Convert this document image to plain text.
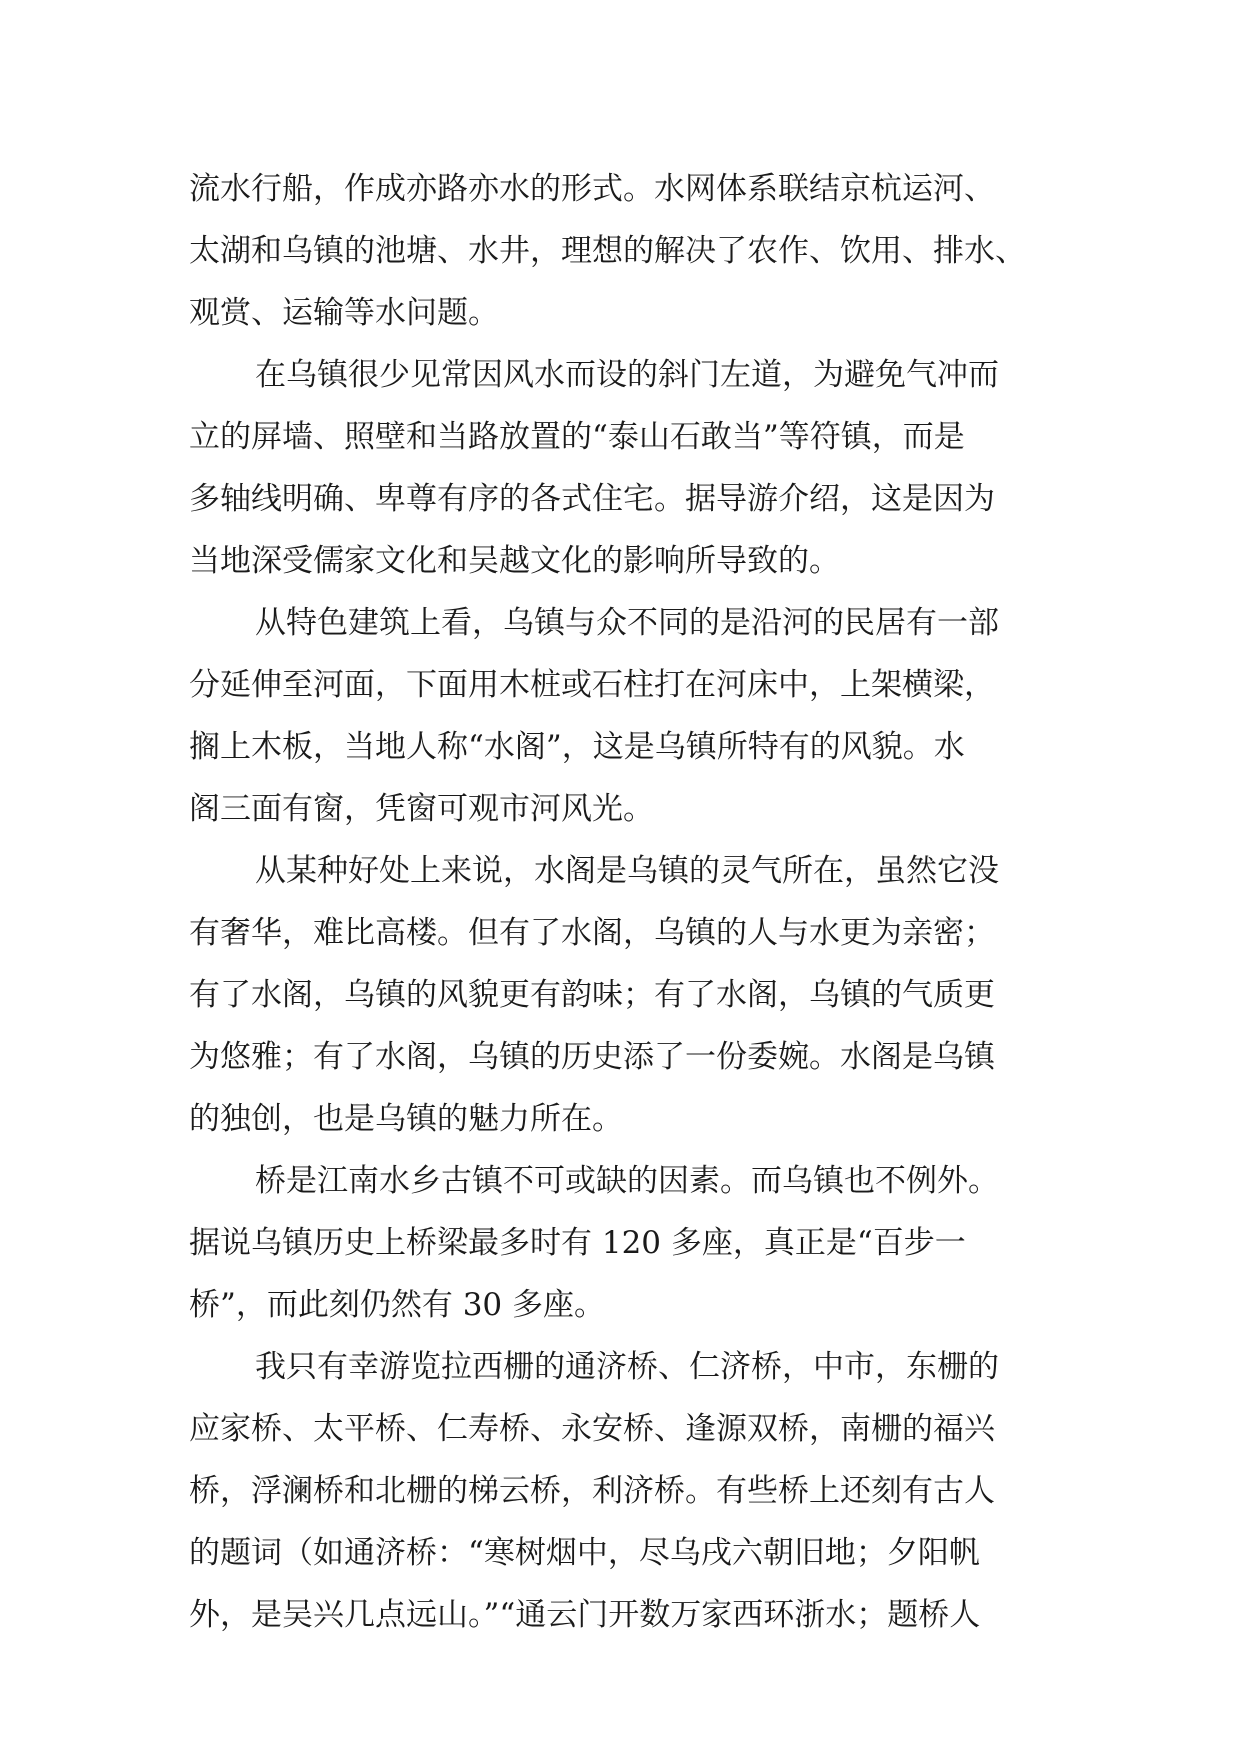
流水行船，作成亦路亦水的形式。水网体系联结京杭运河、
太湖和乌镇的池塘、水井，理想的解决了农作、饮用、排水、
观赏、运输等水问题。
在乌镇很少见常因风水而设的斜门左道，为避免气冲而
立的屏墙、照壁和当路放置的“泰山石敢当”等符镇，而是
多轴线明确、卑尊有序的各式住宅。据导游介绍，这是因为
当地深受儒家文化和吴越文化的影响所导致的。
从特色建筑上看，乌镇与众不同的是沿河的民居有一部
分延伸至河面，下面用木桩或石柱打在河床中，上架横梁，
搁上木板，当地人称“水阁”，这是乌镇所特有的风貌。水
阁三面有窗，凭窗可观市河风光。
从某种好处上来说，水阁是乌镇的灵气所在，虽然它没
有奢华，难比高楼。但有了水阁，乌镇的人与水更为亲密；
有了水阁，乌镇的风貌更有韵味；有了水阁，乌镇的气质更
为悠雅；有了水阁，乌镇的历史添了一份委婉。水阁是乌镇
的独创，也是乌镇的魅力所在。
桥是江南水乡古镇不可或缺的因素。而乌镇也不例外。
据说乌镇历史上桥梁最多时有 120 多座，真正是“百步一
桥”，而此刻仍然有 30 多座。
我只有幸游览拉西栅的通济桥、仁济桥，中市，东栅的
应家桥、太平桥、仁寿桥、永安桥、逢源双桥，南栅的福兴
桥，浮澜桥和北栅的梯云桥，利济桥。有些桥上还刻有古人
的题词（如通济桥：“寒树烟中，尽乌戌六朝旧地；夕阳帆
外，是吴兴几点远山。”“通云门开数万家西环浙水；题桥人
